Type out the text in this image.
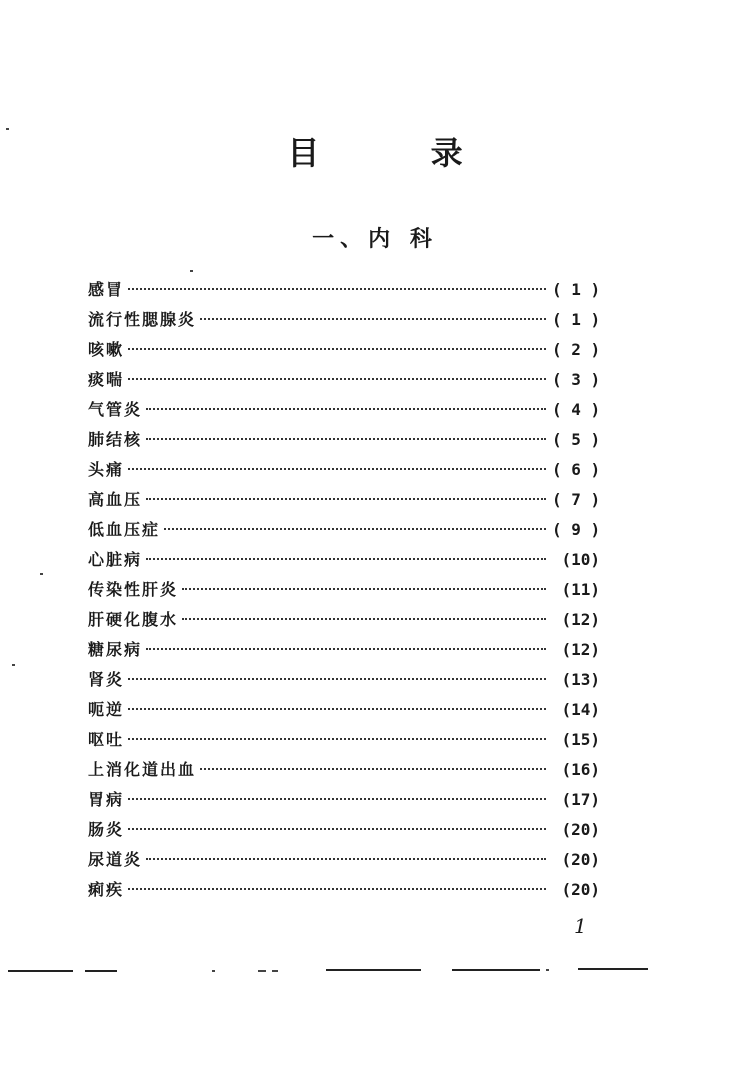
目 录
一、内 科
感冒	( 1 )
流行性腮腺炎	( 1 )
咳嗽	( 2 )
痰喘	( 3 )
气管炎	( 4 )
肺结核	( 5 )
头痛	( 6 )
高血压	( 7 )
低血压症	( 9 )
心脏病	(10)
传染性肝炎	(11)
肝硬化腹水	(12)
糖尿病	(12)
肾炎	(13)
呃逆	(14)
呕吐	(15)
上消化道出血	(16)
胃病	(17)
肠炎	(20)
尿道炎	(20)
痢疾	(20)
1
